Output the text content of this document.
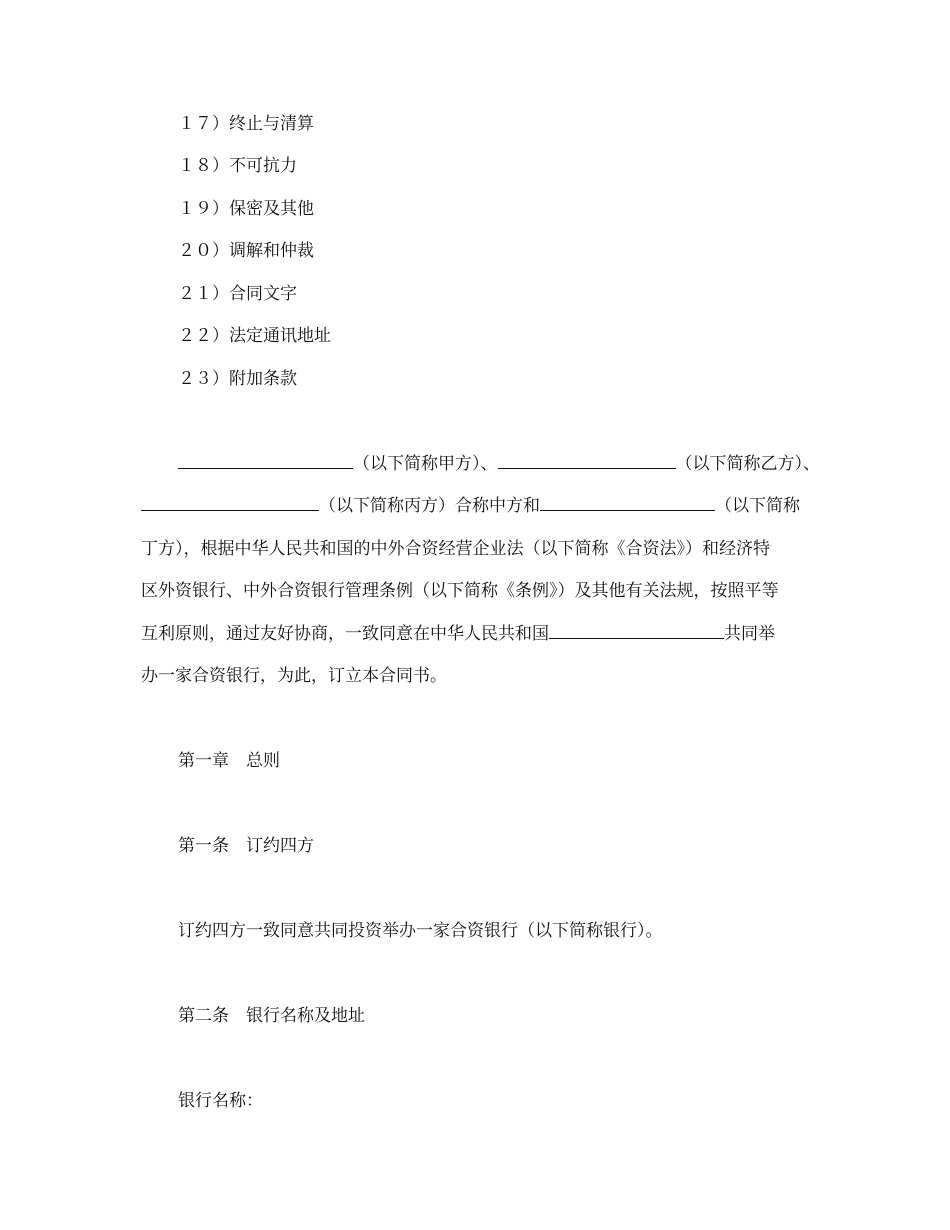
１７）终止与清算
１８）不可抗力
１９）保密及其他
２０）调解和仲裁
２１）合同文字
２２）法定通讯地址
２３）附加条款
（以下简称甲方）、	（以下简称乙方）、
（以下简称丙方）合称中方和	（以下简称
丁方），根据中华人民共和国的中外合资经营企业法（以下简称《合资法》）和经济特
区外资银行、中外合资银行管理条例（以下简称《条例》）及其他有关法规，按照平等
互利原则，通过友好协商，一致同意在中华人民共和国	共同举
办一家合资银行，为此，订立本合同书。
第一章　总则
第一条　订约四方
订约四方一致同意共同投资举办一家合资银行（以下简称银行）。
第二条　银行名称及地址
银行名称：
